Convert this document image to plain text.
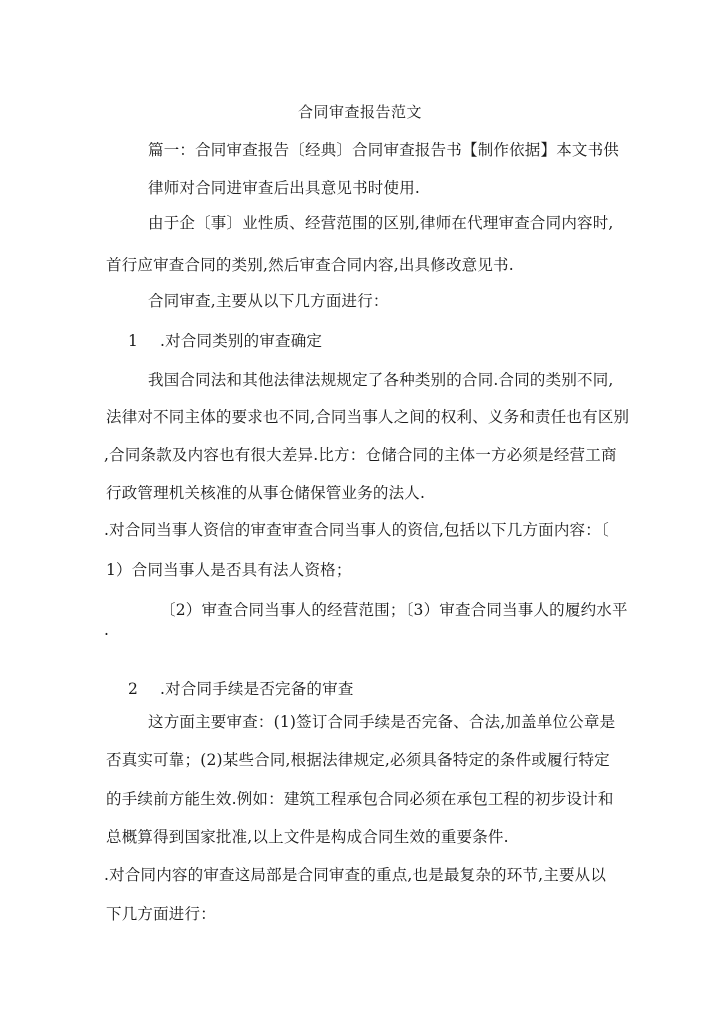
合同审查报告范文
篇一：合同审查报告〔经典〕合同审查报告书【制作依据】本文书供
律师对合同进审查后出具意见书时使用.
由于企〔事〕业性质、经营范围的区别,律师在代理审查合同内容时,
首行应审查合同的类别,然后审查合同内容,出具修改意见书.
合同审查,主要从以下几方面进行：
1 .对合同类别的审查确定
我国合同法和其他法律法规规定了各种类别的合同.合同的类别不同,
法律对不同主体的要求也不同,合同当事人之间的权利、义务和责任也有区别
,合同条款及内容也有很大差异.比方：仓储合同的主体一方必须是经营工商
行政管理机关核准的从事仓储保管业务的法人.
.对合同当事人资信的审查审查合同当事人的资信,包括以下几方面内容：〔
1）合同当事人是否具有法人资格；
〔2）审查合同当事人的经营范围；〔3）审查合同当事人的履约水平
.
2 .对合同手续是否完备的审查
这方面主要审查：(1)签订合同手续是否完备、合法,加盖单位公章是
否真实可靠；(2)某些合同,根据法律规定,必须具备特定的条件或履行特定
的手续前方能生效.例如：建筑工程承包合同必须在承包工程的初步设计和
总概算得到国家批准,以上文件是构成合同生效的重要条件.
.对合同内容的审查这局部是合同审查的重点,也是最复杂的环节,主要从以
下几方面进行：
